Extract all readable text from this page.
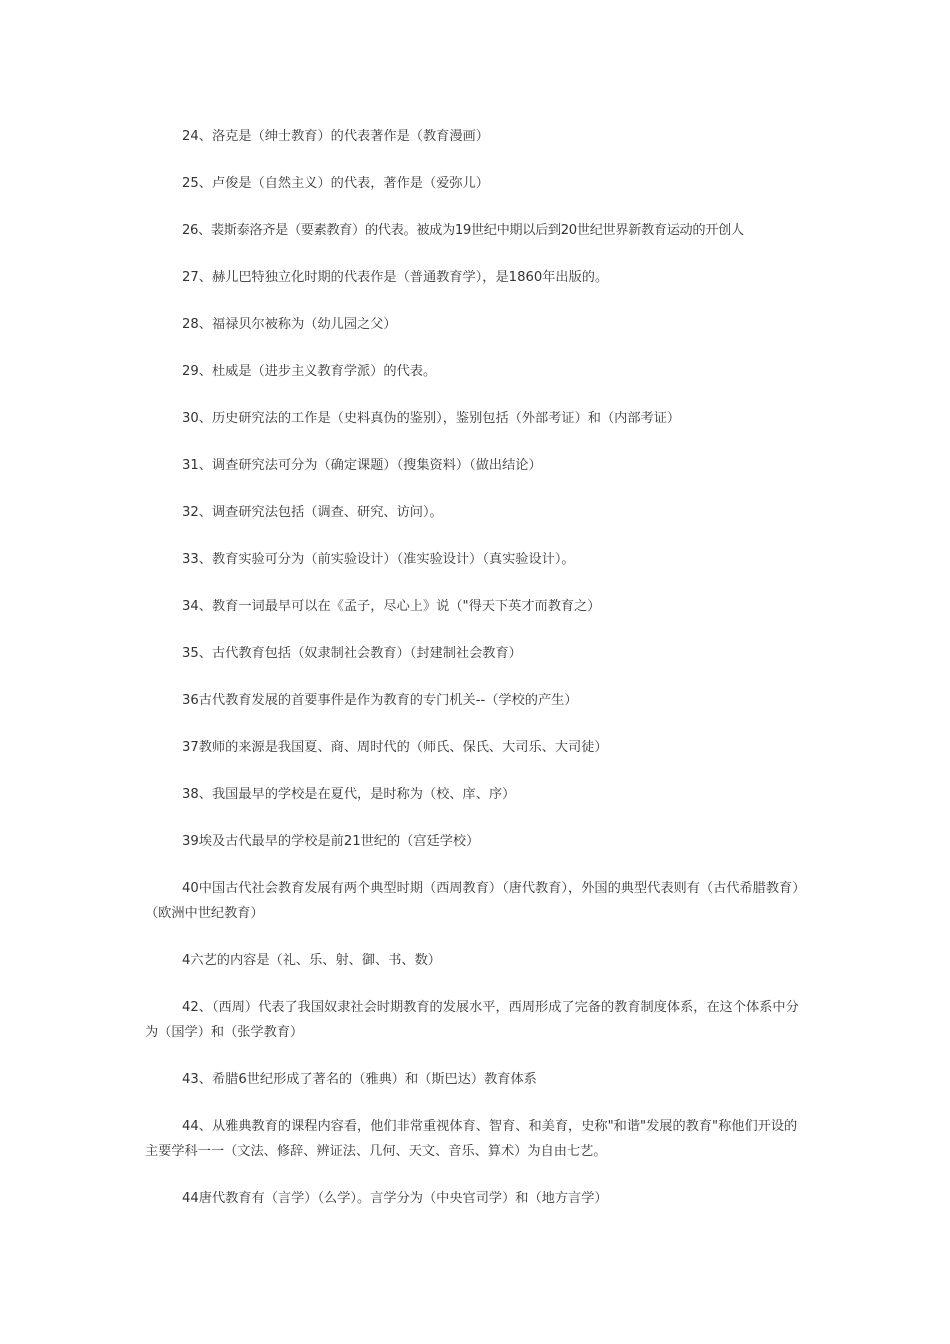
24、洛克是（绅士教育）的代表著作是（教育漫画）

25、卢俊是（自然主义）的代表，著作是（爱弥儿）

26、裴斯泰洛齐是（要素教育）的代表。被成为19世纪中期以后到20世纪世界新教育运动的开创人

27、赫儿巴特独立化时期的代表作是（普通教育学），是1860年出版的。

28、福禄贝尔被称为（幼儿园之父）

29、杜威是（进步主义教育学派）的代表。

30、历史研究法的工作是（史料真伪的鉴别），鉴别包括（外部考证）和（内部考证）

31、调查研究法可分为（确定课题）（搜集资料）（做出结论）

32、调查研究法包括（调查、研究、访问）。

33、教育实验可分为（前实验设计）（准实验设计）（真实验设计）。

34、教育一词最早可以在《孟子，尽心上》说（"得天下英才而教育之）

35、古代教育包括（奴隶制社会教育）（封建制社会教育）

36古代教育发展的首要事件是作为教育的专门机关--（学校的产生）

37教师的来源是我国夏、商、周时代的（师氏、保氏、大司乐、大司徒）

38、我国最早的学校是在夏代，是时称为（校、庠、序）

39埃及古代最早的学校是前21世纪的（宫廷学校）

40中国古代社会教育发展有两个典型时期（西周教育）（唐代教育），外国的典型代表则有（古代希腊教育）（欧洲中世纪教育）

4六艺的内容是（礼、乐、射、御、书、数）

42、（西周）代表了我国奴隶社会时期教育的发展水平，西周形成了完备的教育制度体系，在这个体系中分为（国学）和（张学教育）

43、希腊6世纪形成了著名的（雅典）和（斯巴达）教育体系

44、从雅典教育的课程内容看，他们非常重视体育、智育、和美育，史称"和谐"发展的教育"称他们开设的主要学科一一（文法、修辞、辨证法、几何、天文、音乐、算术）为自由七艺。

44唐代教育有（言学）（么学）。言学分为（中央官司学）和（地方言学）
